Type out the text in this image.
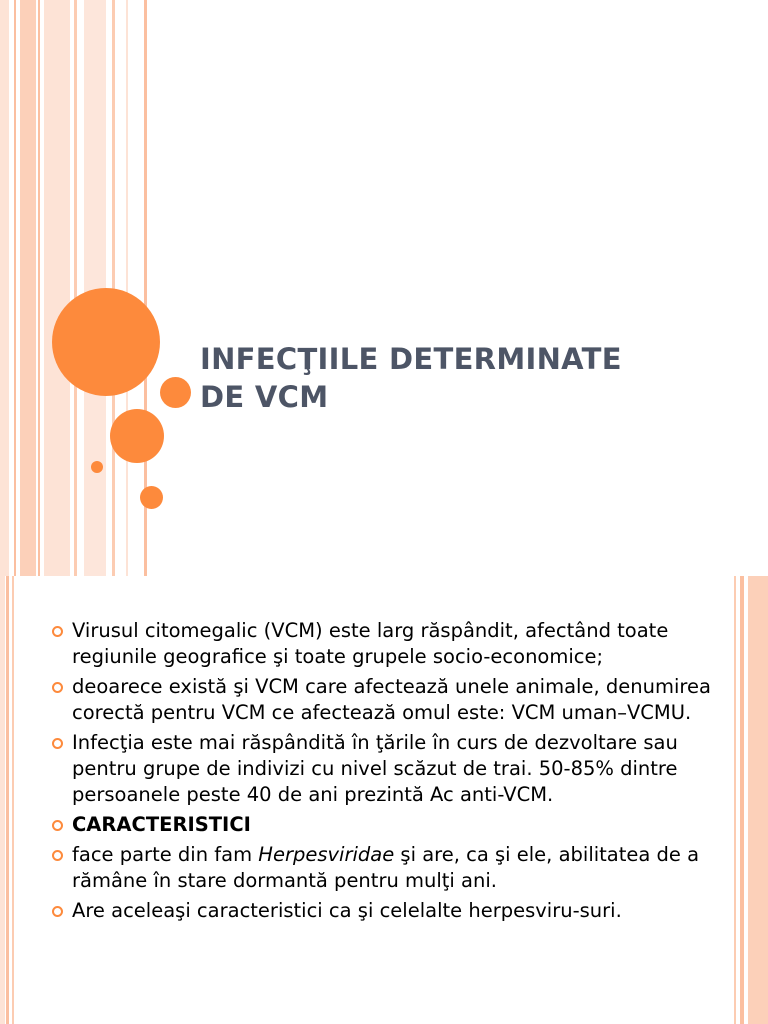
INFECŢIILE DETERMINATE
DE VCM
Virusul citomegalic (VCM) este larg răspândit, afectând toate regiunile geografice şi toate grupele socio-economice;
deoarece există şi VCM care afectează unele animale, denumirea corectă pentru VCM ce afectează omul este: VCM uman–VCMU.
Infecţia este mai răspândită în ţările în curs de dezvoltare sau pentru grupe de indivizi cu nivel scăzut de trai. 50-85% dintre persoanele peste 40 de ani prezintă Ac anti-VCM.
CARACTERISTICI
face parte din fam Herpesviridae şi are, ca şi ele, abilitatea de a rămâne în stare dormantă pentru mulţi ani.
Are aceleaşi caracteristici ca şi celelalte herpesviru-suri.
